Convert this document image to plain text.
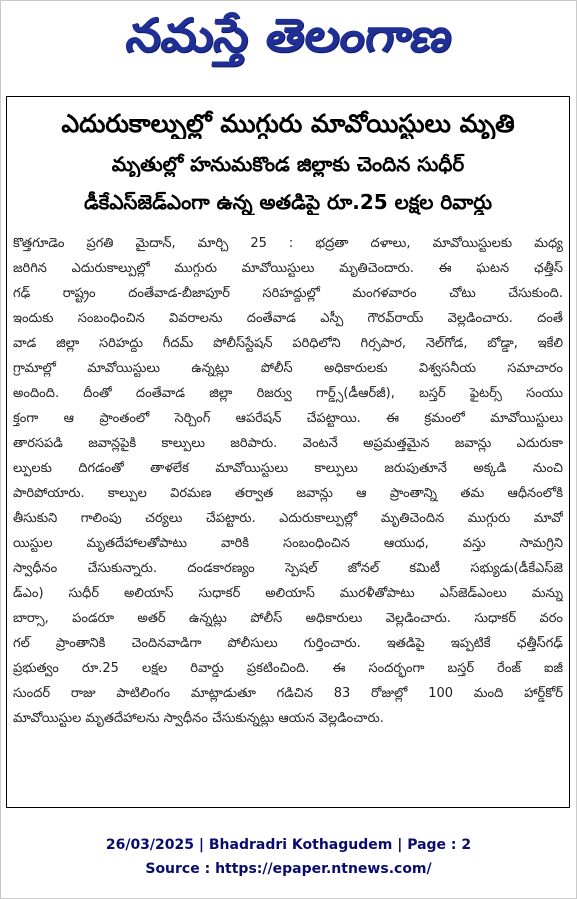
నమస్తే తెలంగాణ
ఎదురుకాల్పుల్లో ముగ్గురు మావోయిస్టులు మృతి
మృతుల్లో హనుమకొండ జిల్లాకు చెందిన సుధీర్
డీకేఎస్‌జెడ్‌ఎంగా ఉన్న అతడిపై రూ.25 లక్షల రివార్డు
కొత్తగూడెం ప్రగతి మైదాన్, మార్చి 25 : భద్రతా దళాలు, మావోయిస్టులకు మధ్య
జరిగిన ఎదురుకాల్పుల్లో ముగ్గురు మావోయిస్టులు మృతిచెందారు. ఈ ఘటన ఛత్తీస్
గఢ్ రాష్ట్రం దంతేవాడ-బీజాపూర్ సరిహద్దుల్లో మంగళవారం చోటు చేసుకుంది.
ఇందుకు సంబంధించిన వివరాలను దంతేవాడ ఎస్పీ గౌరవ్‌రాయ్ వెల్లడించారు. దంతే
వాడ జిల్లా సరిహద్దు గీదమ్ పోలీస్‌స్టేషన్ పరిధిలోని గిర్సపార, నెల్‌గోడ, బోడ్డా, ఇకేలి
గ్రామాల్లో మావోయిస్టులు ఉన్నట్లు పోలీస్ అధికారులకు విశ్వసనీయ సమాచారం
అందింది. దీంతో దంతేవాడ జిల్లా రిజర్వు గార్డ్స్(డీఆర్‌జీ), బస్తర్ ఫైటర్స్ సంయు
క్తంగా ఆ ప్రాంతంలో సెర్చింగ్ ఆపరేషన్ చేపట్టాయి. ఈ క్రమంలో మావోయిస్టులు
తారసపడి జవాన్లపైకి కాల్పులు జరిపారు. వెంటనే అప్రమత్తమైన జవాన్లు ఎదురుకా
ల్పులకు దిగడంతో తాళలేక మావోయిస్టులు కాల్పులు జరుపుతూనే అక్కడి నుంచి
పారిపోయారు. కాల్పుల విరమణ తర్వాత జవాన్లు ఆ ప్రాంతాన్ని తమ ఆధీనంలోకి
తీసుకుని గాలింపు చర్యలు చేపట్టారు. ఎదురుకాల్పుల్లో మృతిచెందిన ముగ్గురు మావో
యిస్టుల మృతదేహాలతోపాటు వారికి సంబంధించిన ఆయుధ, వస్తు సామగ్రిని
స్వాధీనం చేసుకున్నారు. దండకారణ్యం స్పెషల్ జోనల్ కమిటీ సభ్యుడు(డీకేఎస్‌జె
డ్‌ఎం) సుధీర్ అలియాస్ సుధాకర్ అలియాస్ మురళీతోపాటు ఎస్‌జెడ్‌ఎంలు మన్ను
బార్సా, పండరూ అతర్ ఉన్నట్లు పోలీస్ అధికారులు వెల్లడించారు. సుధాకర్ వరం
గల్ ప్రాంతానికి చెందినవాడిగా పోలీసులు గుర్తించారు. ఇతడిపై ఇప్పటికే ఛత్తీస్‌గఢ్
ప్రభుత్వం రూ.25 లక్షల రివార్డు ప్రకటించింది. ఈ సందర్భంగా బస్తర్ రేంజ్ ఐజీ
సుందర్ రాజు పాటిలింగం మాట్లాడుతూ గడిచిన 83 రోజుల్లో 100 మంది హార్డ్‌కోర్
మావోయిస్టుల మృతదేహాలను స్వాధీనం చేసుకున్నట్లు ఆయన వెల్లడించారు.
26/03/2025 | Bhadradri Kothagudem | Page : 2
Source : https://epaper.ntnews.com/
